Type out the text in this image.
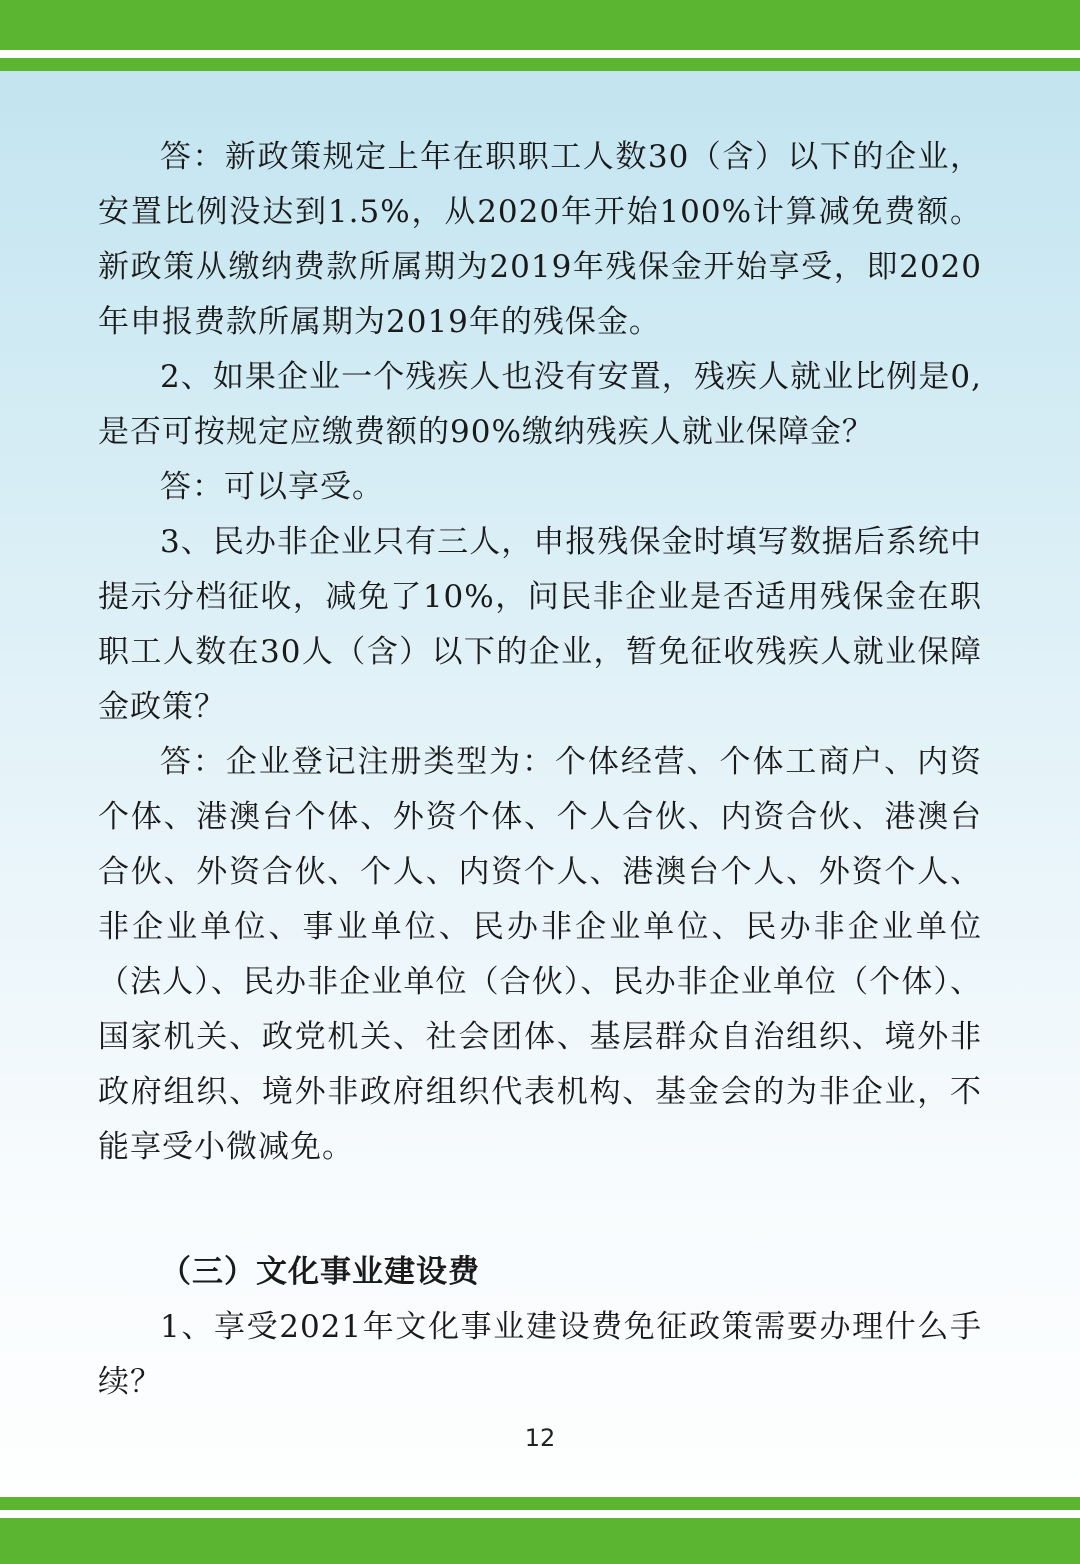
答：新政策规定上年在职职工人数30（含）以下的企业，安置比例没达到1.5%，从2020年开始100%计算减免费额。新政策从缴纳费款所属期为2019年残保金开始享受，即2020年申报费款所属期为2019年的残保金。

2、如果企业一个残疾人也没有安置，残疾人就业比例是0,是否可按规定应缴费额的90%缴纳残疾人就业保障金？

答：可以享受。

3、民办非企业只有三人，申报残保金时填写数据后系统中提示分档征收，减免了10%，问民非企业是否适用残保金在职职工人数在30人（含）以下的企业，暂免征收残疾人就业保障金政策？

答：企业登记注册类型为：个体经营、个体工商户、内资个体、港澳台个体、外资个体、个人合伙、内资合伙、港澳台合伙、外资合伙、个人、内资个人、港澳台个人、外资个人、非企业单位、事业单位、民办非企业单位、民办非企业单位（法人）、民办非企业单位（合伙）、民办非企业单位（个体）、国家机关、政党机关、社会团体、基层群众自治组织、境外非政府组织、境外非政府组织代表机构、基金会的为非企业，不能享受小微减免。

（三）文化事业建设费

1、享受2021年文化事业建设费免征政策需要办理什么手续？

12
